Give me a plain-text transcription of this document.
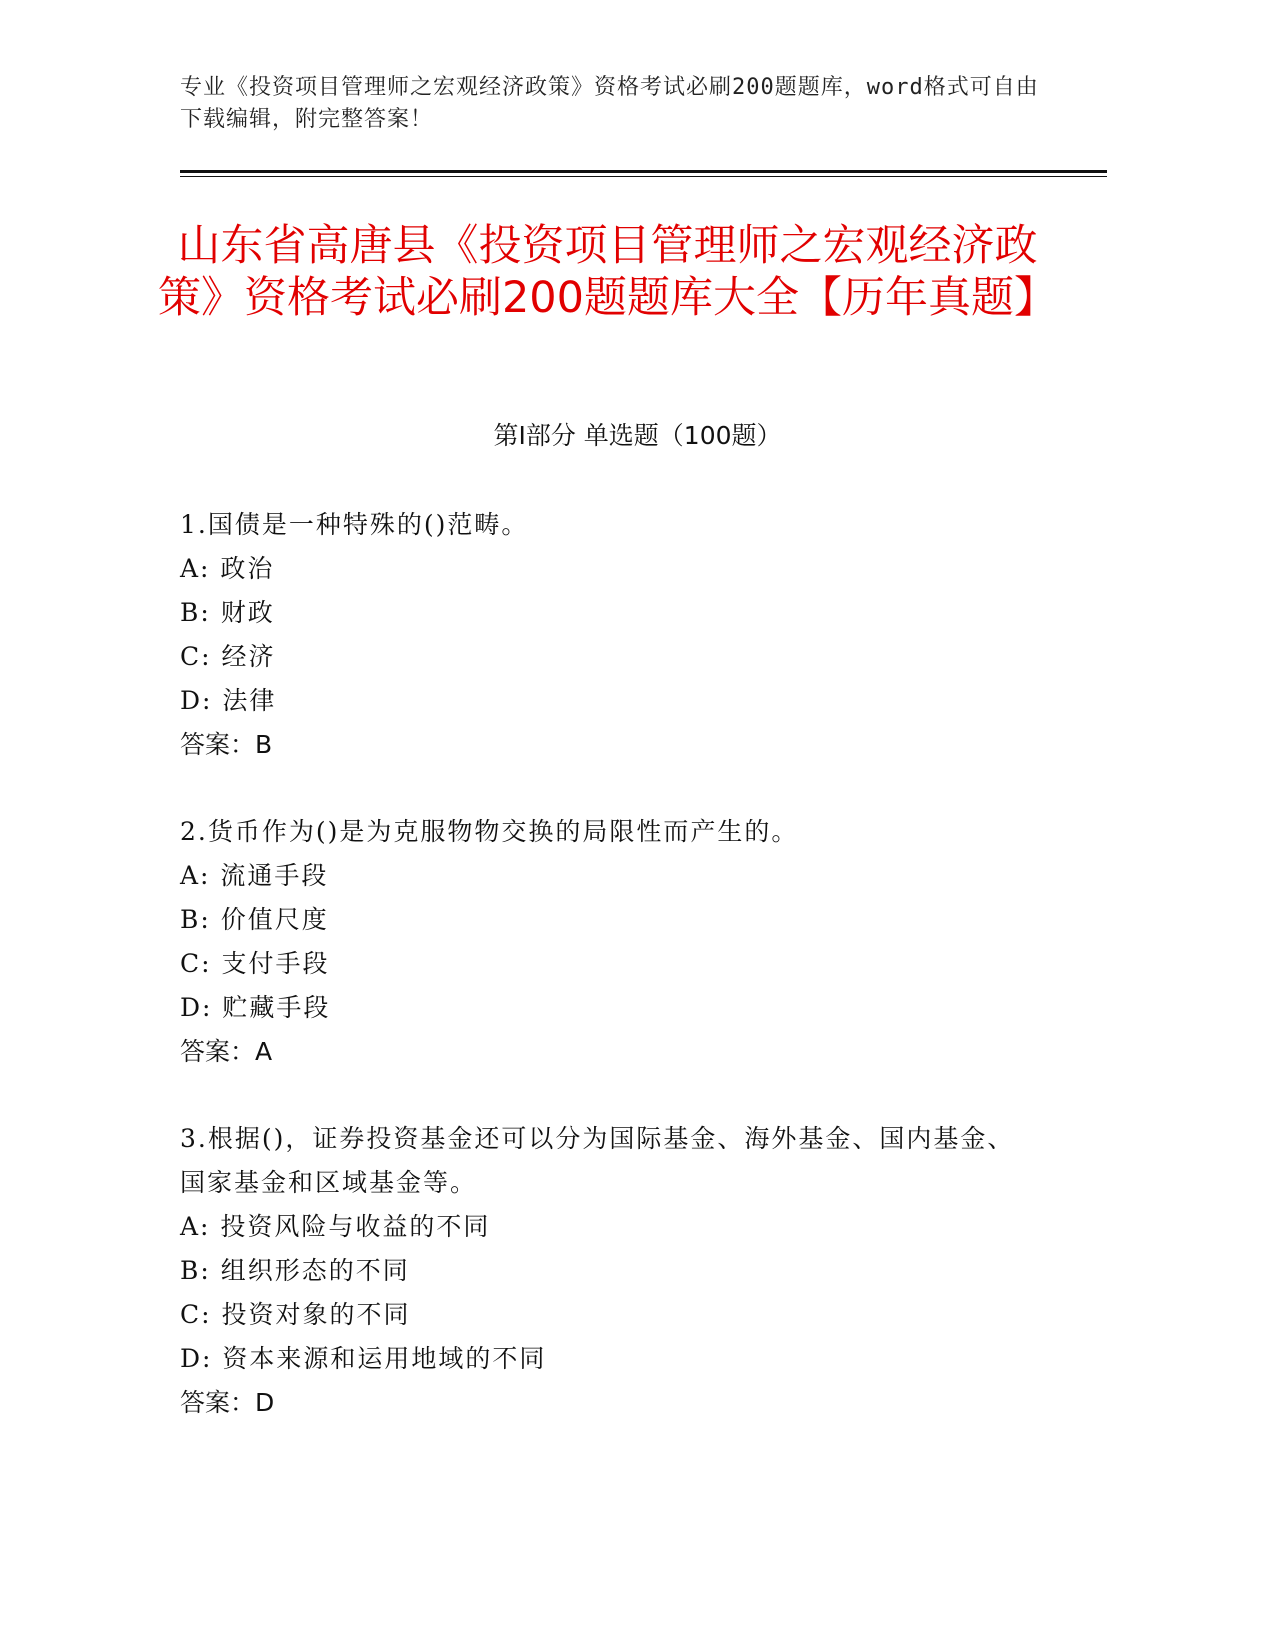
专业《投资项目管理师之宏观经济政策》资格考试必刷200题题库，word格式可自由下载编辑，附完整答案！
山东省高唐县《投资项目管理师之宏观经济政策》资格考试必刷200题题库大全【历年真题】
第I部分 单选题（100题）
1.国债是一种特殊的()范畴。
A: 政治
B: 财政
C: 经济
D: 法律
答案：B
2.货币作为()是为克服物物交换的局限性而产生的。
A: 流通手段
B: 价值尺度
C: 支付手段
D: 贮藏手段
答案：A
3.根据()，证券投资基金还可以分为国际基金、海外基金、国内基金、国家基金和区域基金等。
A: 投资风险与收益的不同
B: 组织形态的不同
C: 投资对象的不同
D: 资本来源和运用地域的不同
答案：D
